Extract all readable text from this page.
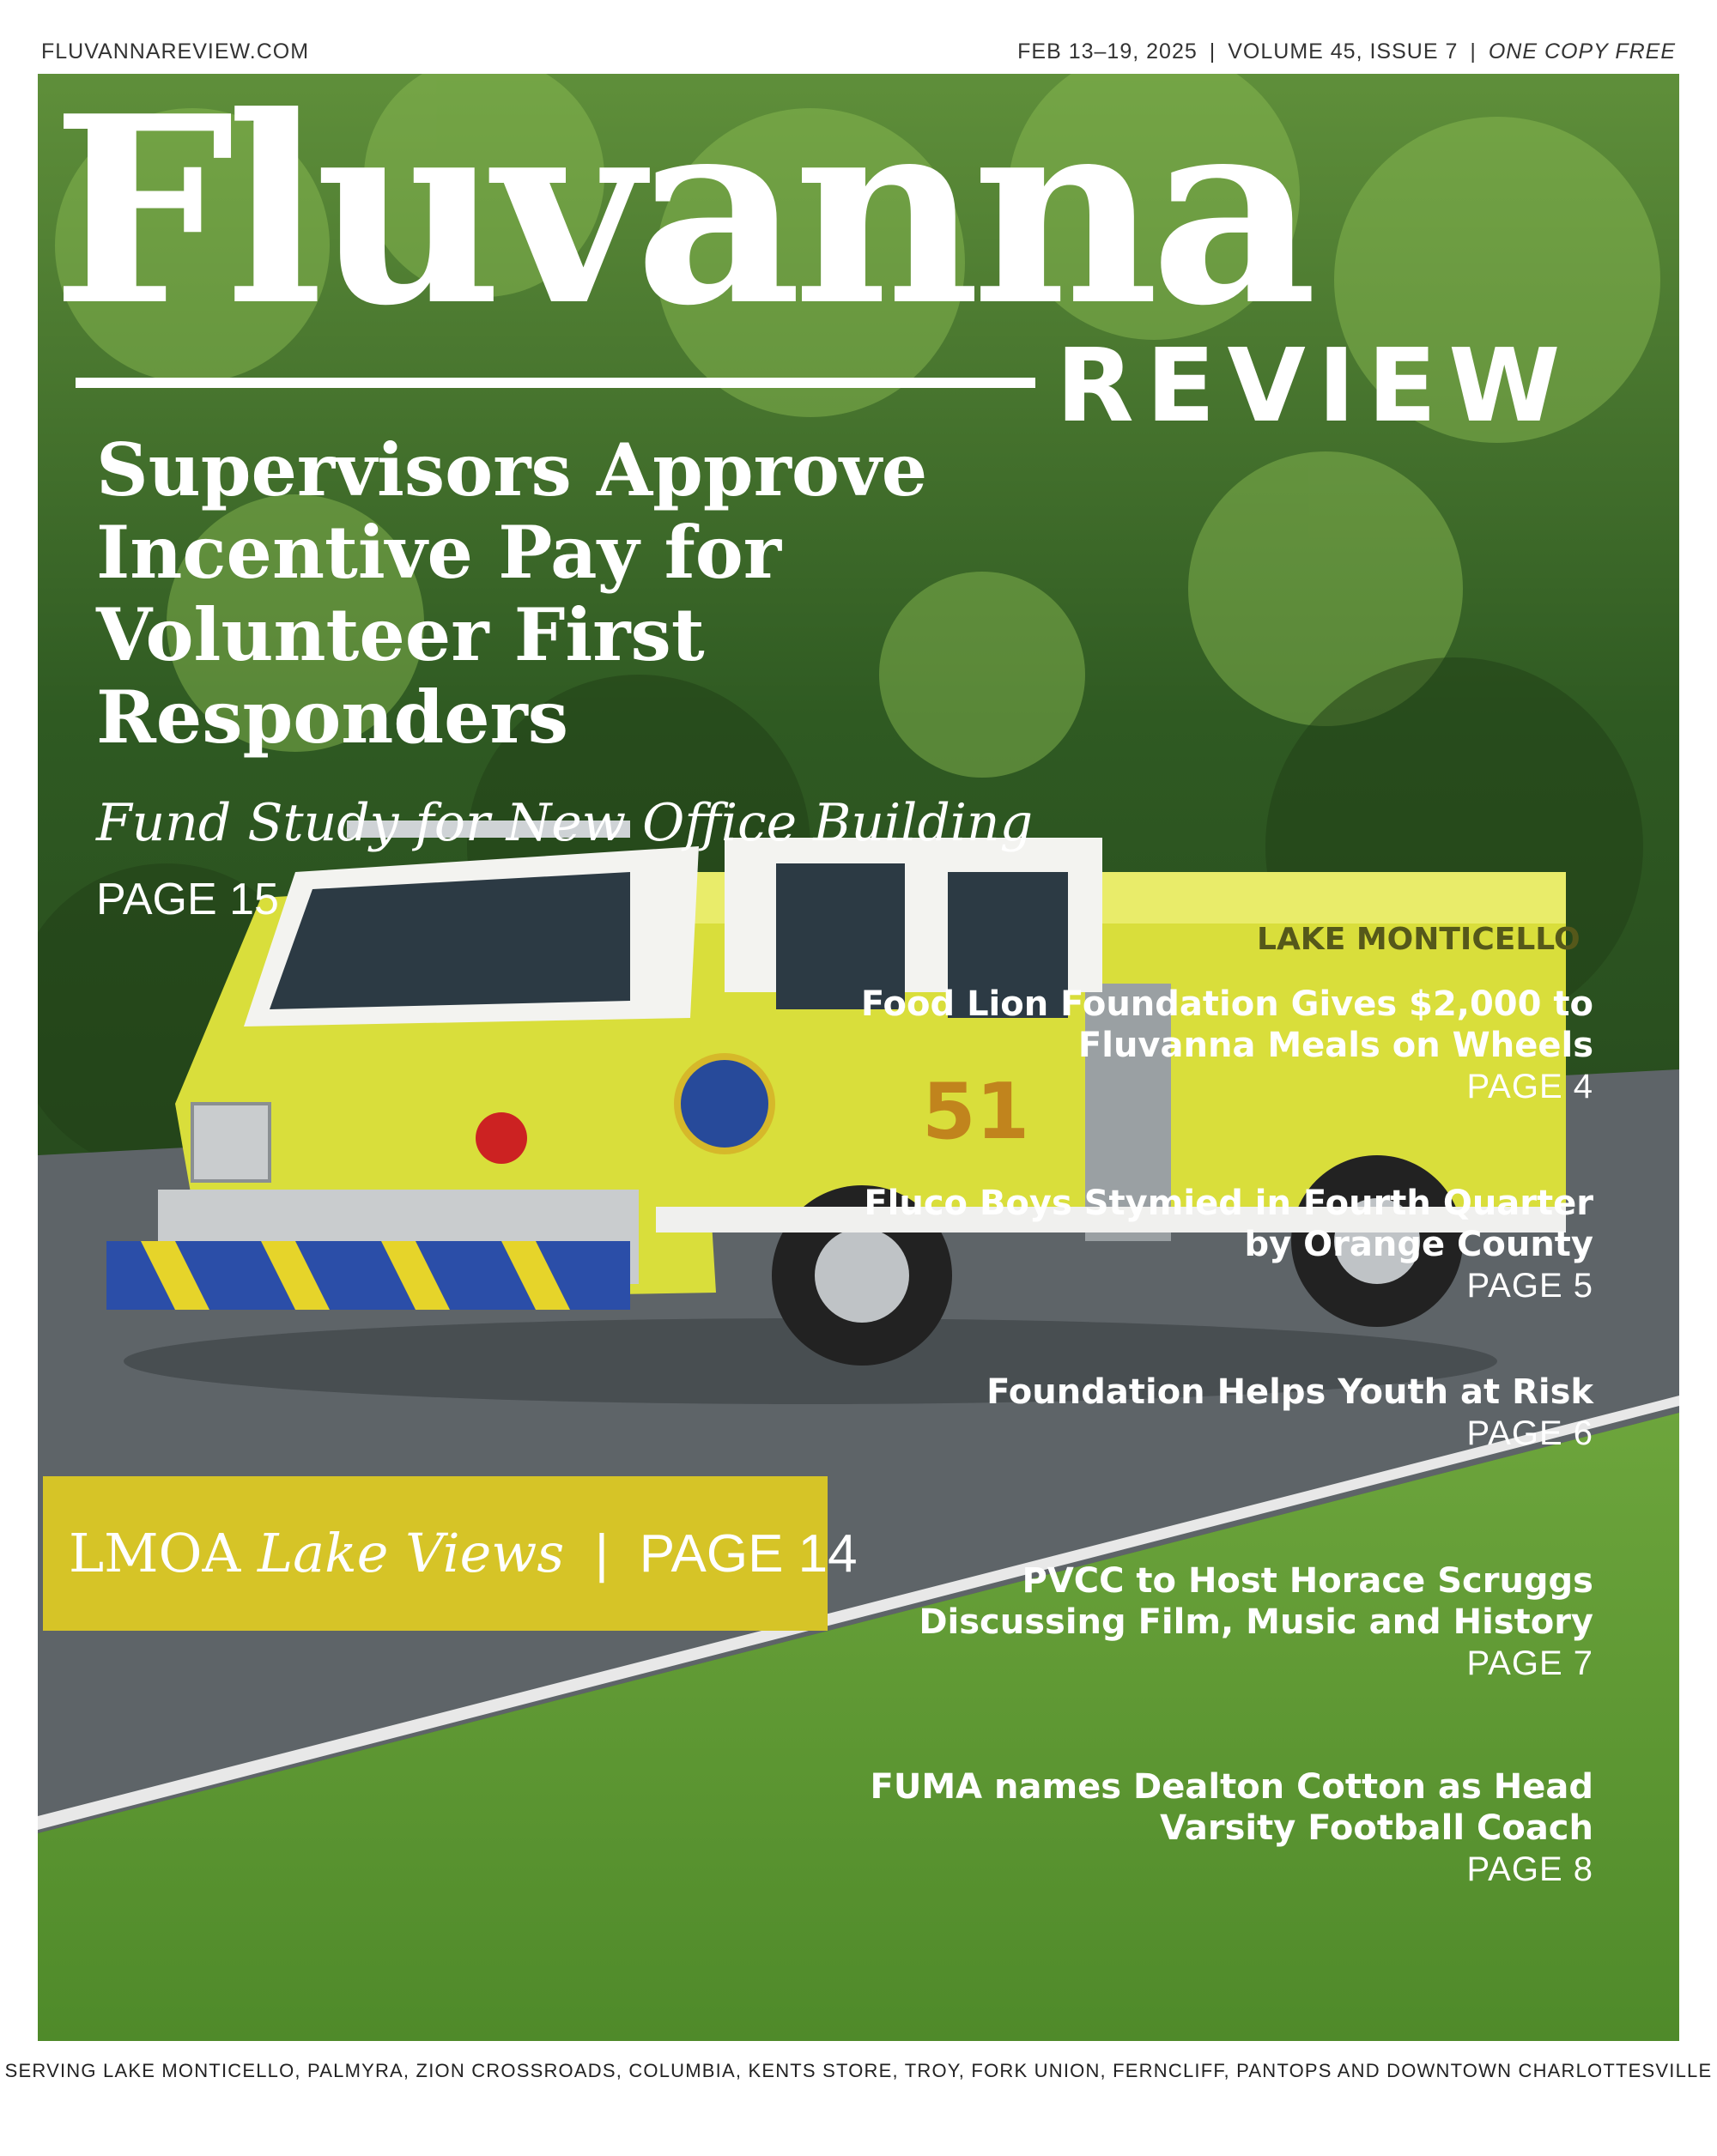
FLUVANNAREVIEW.COM	FEB 13–19, 2025 | VOLUME 45, ISSUE 7 | ONE COPY FREE
LAKE MONTICELLO
51
Fluvanna
REVIEW
Supervisors Approve Incentive Pay for Volunteer First Responders
Fund Study for New Office Building
PAGE 15
LMOA Lake Views | PAGE 14
Food Lion Foundation Gives $2,000 to Fluvanna Meals on Wheels
PAGE 4
Fluco Boys Stymied in Fourth Quarter by Orange County
PAGE 5
Foundation Helps Youth at Risk
PAGE 6
PVCC to Host Horace Scruggs Discussing Film, Music and History
PAGE 7
FUMA names Dealton Cotton as Head Varsity Football Coach
PAGE 8
SERVING LAKE MONTICELLO, PALMYRA, ZION CROSSROADS, COLUMBIA, KENTS STORE, TROY, FORK UNION, FERNCLIFF, PANTOPS AND DOWNTOWN CHARLOTTESVILLE
